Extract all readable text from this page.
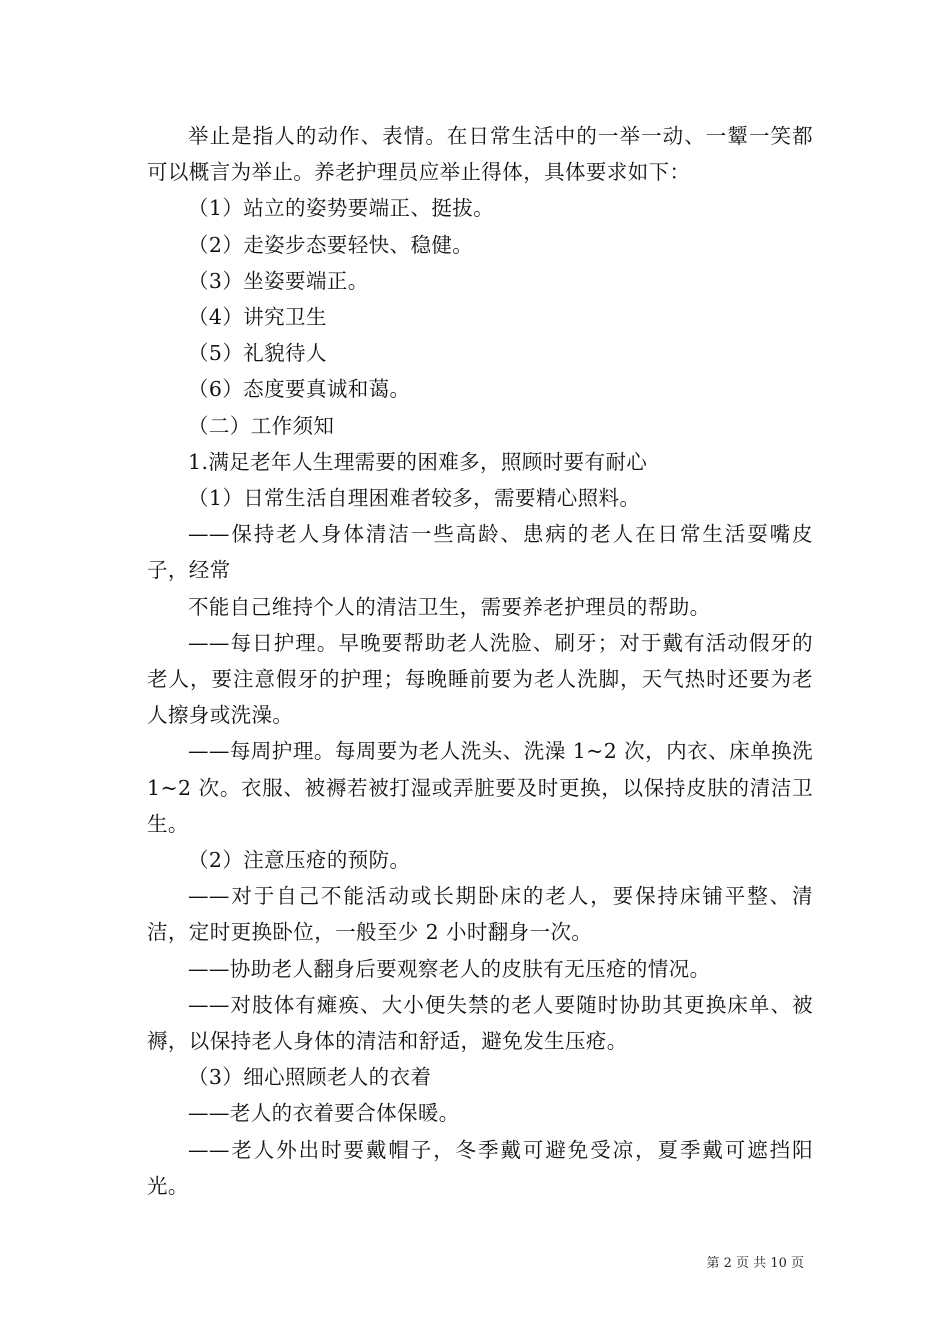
举止是指人的动作、表情。在日常生活中的一举一动、一颦一笑都可以概言为举止。养老护理员应举止得体，具体要求如下：

（1）站立的姿势要端正、挺拔。

（2）走姿步态要轻快、稳健。

（3）坐姿要端正。

（4）讲究卫生

（5）礼貌待人

（6）态度要真诚和蔼。

（二）工作须知

1.满足老年人生理需要的困难多，照顾时要有耐心

（1）日常生活自理困难者较多，需要精心照料。

——保持老人身体清洁一些高龄、患病的老人在日常生活耍嘴皮子，经常

不能自己维持个人的清洁卫生，需要养老护理员的帮助。

——每日护理。早晚要帮助老人洗脸、刷牙；对于戴有活动假牙的老人，要注意假牙的护理；每晚睡前要为老人洗脚，天气热时还要为老人擦身或洗澡。

——每周护理。每周要为老人洗头、洗澡 1~2 次，内衣、床单换洗 1~2 次。衣服、被褥若被打湿或弄脏要及时更换，以保持皮肤的清洁卫生。

（2）注意压疮的预防。

——对于自己不能活动或长期卧床的老人，要保持床铺平整、清洁，定时更换卧位，一般至少 2 小时翻身一次。

——协助老人翻身后要观察老人的皮肤有无压疮的情况。

——对肢体有瘫痪、大小便失禁的老人要随时协助其更换床单、被褥，以保持老人身体的清洁和舒适，避免发生压疮。

（3）细心照顾老人的衣着

——老人的衣着要合体保暖。

——老人外出时要戴帽子，冬季戴可避免受凉，夏季戴可遮挡阳光。

第 2 页 共 10 页
